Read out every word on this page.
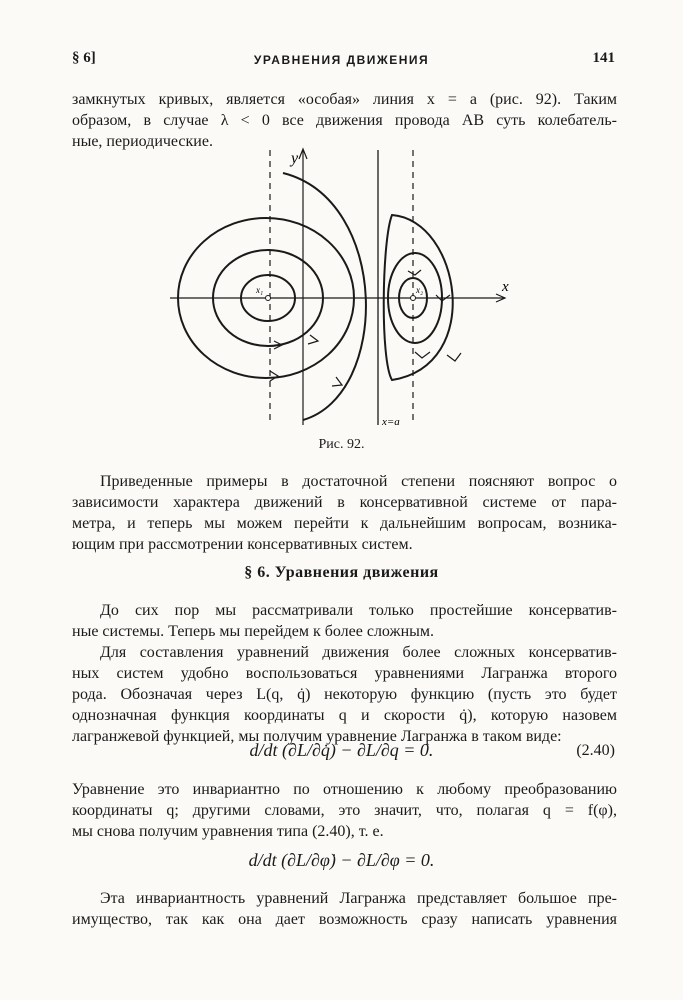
§ 6]	УРАВНЕНИЯ ДВИЖЕНИЯ	141
замкнутых кривых, является «особая» линия x = a (рис. 92). Таким
образом, в случае λ < 0 все движения провода AB суть колебатель-
ные, периодические.
y
x
x=a
x₁	x₂
Рис. 92.
Приведенные примеры в достаточной степени поясняют вопрос о
зависимости характера движений в консервативной системе от пара-
метра, и теперь мы можем перейти к дальнейшим вопросам, возника-
ющим при рассмотрении консервативных систем.
§ 6. Уравнения движения
До сих пор мы рассматривали только простейшие консерватив-
ные системы. Теперь мы перейдем к более сложным.
Для составления уравнений движения более сложных консерватив-
ных систем удобно воспользоваться уравнениями Лагранжа второго
рода. Обозначая через L(q, q̇) некоторую функцию (пусть это будет
однозначная функция координаты q и скорости q̇), которую назовем
лагранжевой функцией, мы получим уравнение Лагранжа в таком виде:
d/dt (∂L/∂q̇) − ∂L/∂q = 0.	(2.40)
Уравнение это инвариантно по отношению к любому преобразованию
координаты q; другими словами, это значит, что, полагая q = f(φ),
мы снова получим уравнения типа (2.40), т. е.
d/dt (∂L/∂φ̇) − ∂L/∂φ = 0.
Эта инвариантность уравнений Лагранжа представляет большое пре-
имущество, так как она дает возможность сразу написать уравнения
